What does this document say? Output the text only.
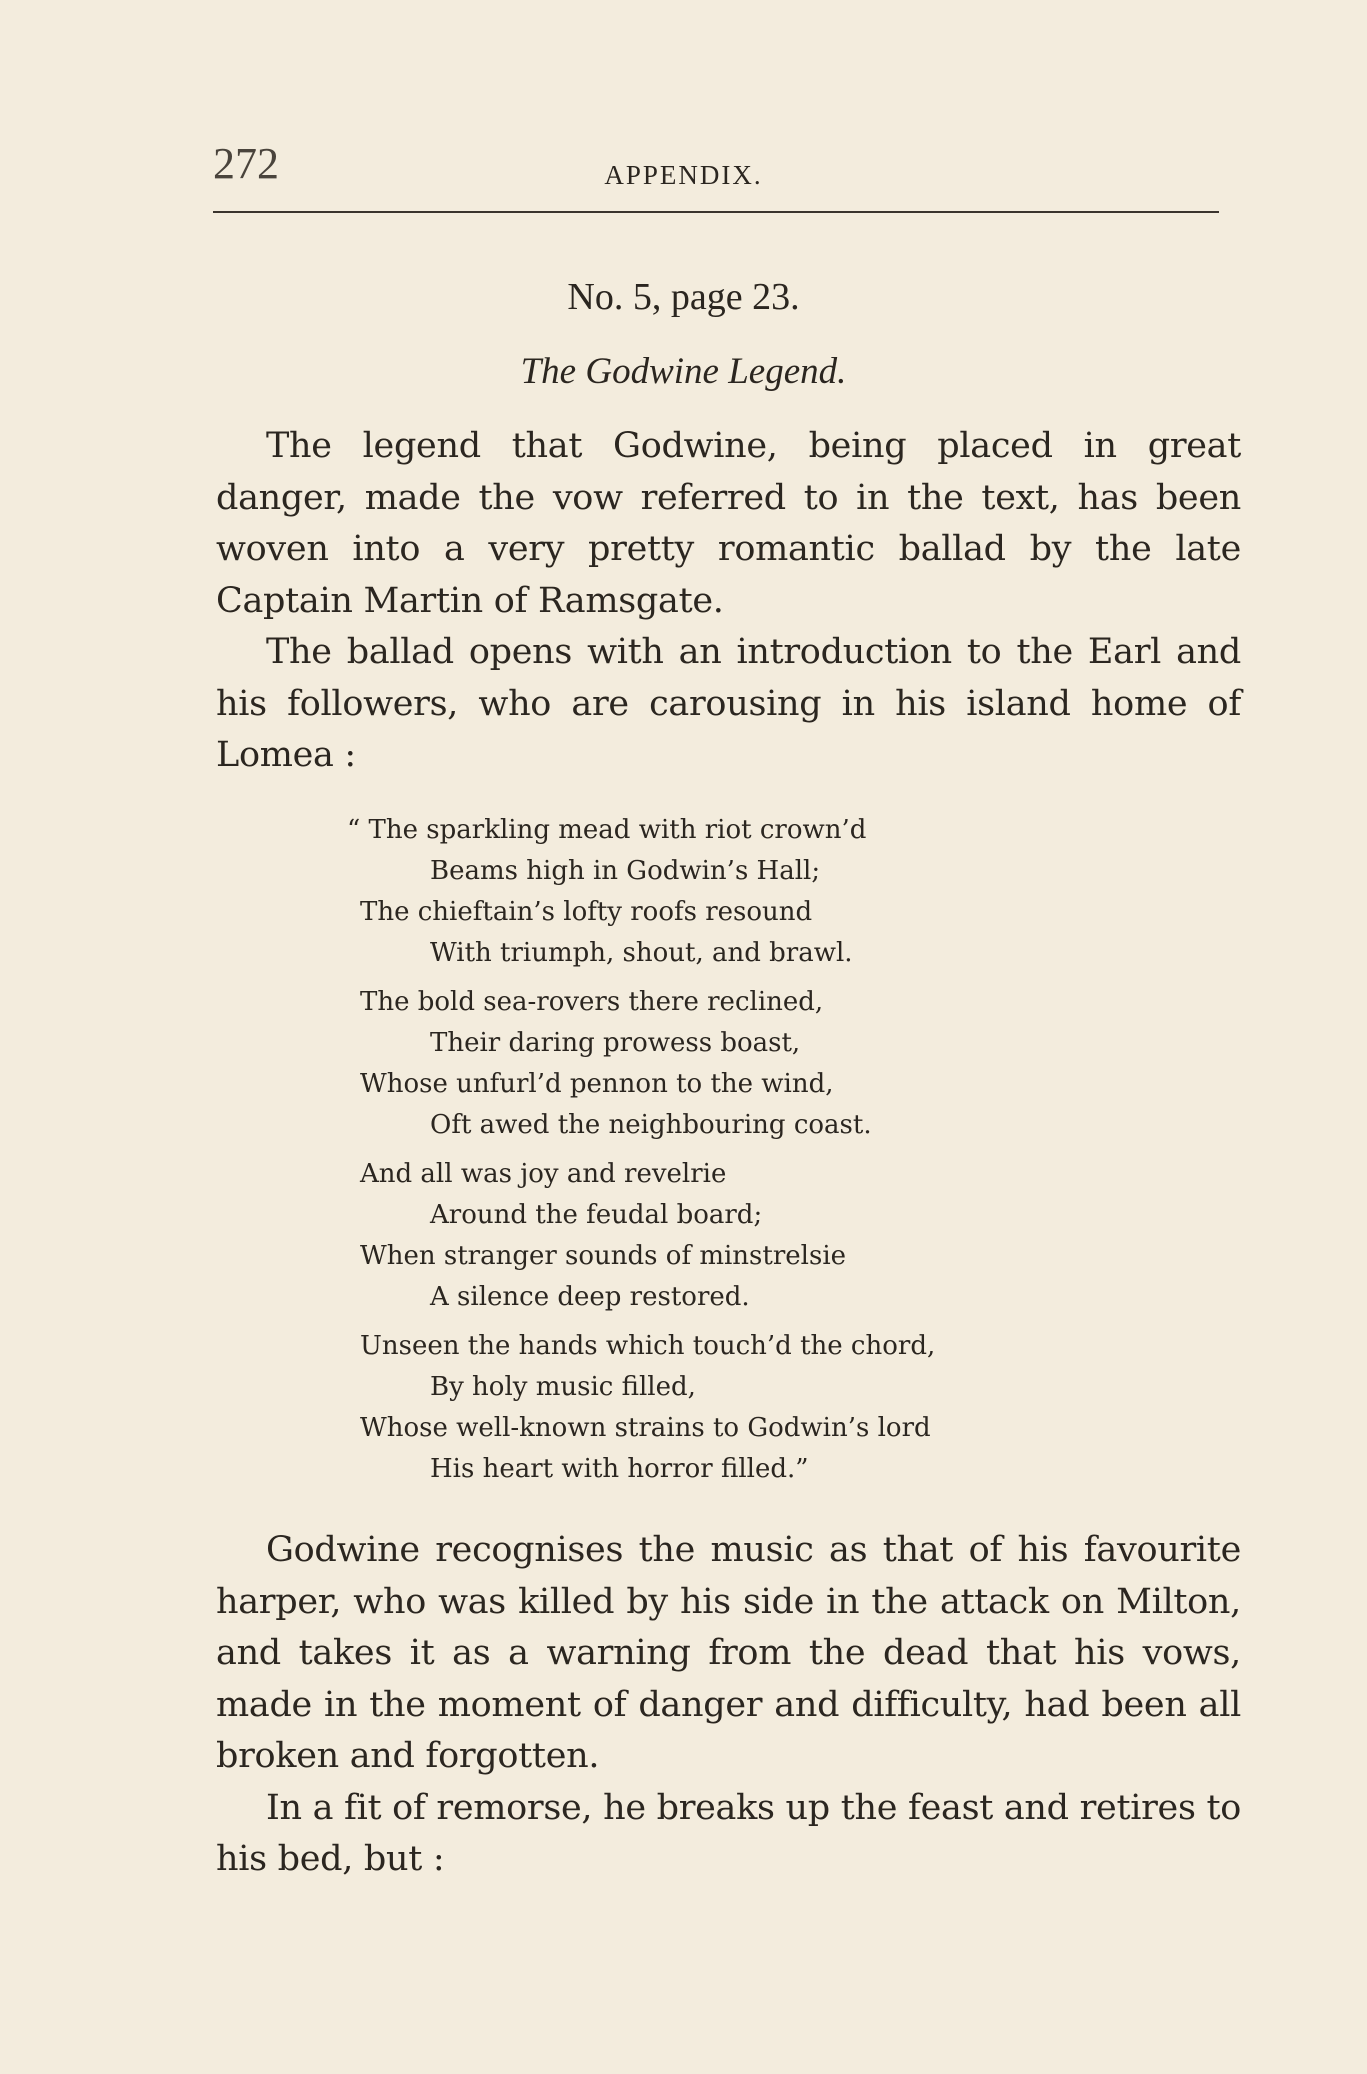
272	APPENDIX.
No. 5, page 23.
The Godwine Legend.

The legend that Godwine, being placed in great danger, made the vow referred to in the text, has been woven into a very pretty romantic ballad by the late Captain Martin of Ramsgate.

The ballad opens with an introduction to the Earl and his followers, who are carousing in his island home of Lomea :

“ The sparkling mead with riot crown’d
Beams high in Godwin’s Hall;
The chieftain’s lofty roofs resound
With triumph, shout, and brawl.
The bold sea-rovers there reclined,
Their daring prowess boast,
Whose unfurl’d pennon to the wind,
Oft awed the neighbouring coast.
And all was joy and revelrie
Around the feudal board;
When stranger sounds of minstrelsie
A silence deep restored.
Unseen the hands which touch’d the chord,
By holy music filled,
Whose well-known strains to Godwin’s lord
His heart with horror filled.”

Godwine recognises the music as that of his favourite harper, who was killed by his side in the attack on Milton, and takes it as a warning from the dead that his vows, made in the moment of danger and difficulty, had been all broken and forgotten.

In a fit of remorse, he breaks up the feast and retires to his bed, but :
